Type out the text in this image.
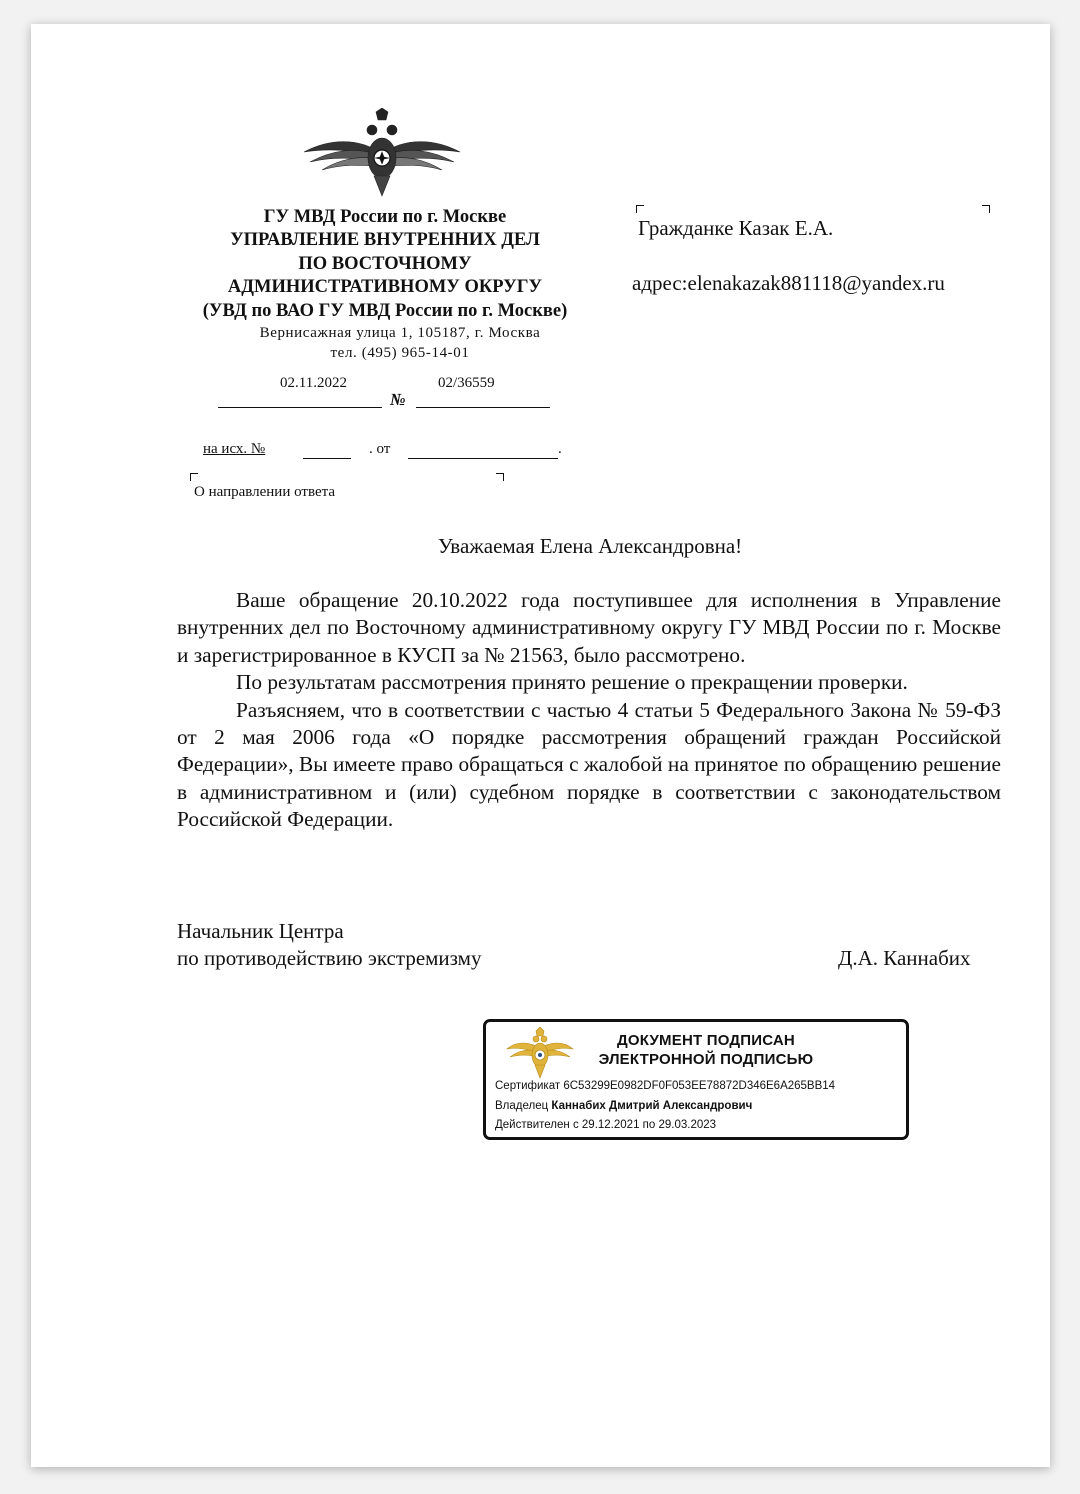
ГУ МВД России по г. Москве
УПРАВЛЕНИЕ ВНУТРЕННИХ ДЕЛ
ПО ВОСТОЧНОМУ
АДМИНИСТРАТИВНОМУ ОКРУГУ
(УВД по ВАО ГУ МВД России по г. Москве)
Вернисажная улица 1, 105187, г. Москва
тел. (495) 965-14-01
02.11.2022
№
02/36559
на исх. №	. от	.
О направлении ответа
Гражданке Казак Е.А.
адрес:elenakazak881118@yandex.ru
Уважаемая Елена Александровна!

Ваше обращение 20.10.2022 года поступившее для исполнения в Управление внутренних дел по Восточному административному округу ГУ МВД России по г. Москве и зарегистрированное в КУСП за № 21563, было рассмотрено.

По результатам рассмотрения принято решение о прекращении проверки.

Разъясняем, что в соответствии с частью 4 статьи 5 Федерального Закона № 59-ФЗ от 2 мая 2006 года «О порядке рассмотрения обращений граждан Российской Федерации», Вы имеете право обращаться с жалобой на принятое по обращению решение в административном и (или) судебном порядке в соответствии с законодательством Российской Федерации.

Начальник Центра
по противодействию экстремизму	Д.А. Каннабих
ДОКУМЕНТ ПОДПИСАН
ЭЛЕКТРОННОЙ ПОДПИСЬЮ
Сертификат 6C53299E0982DF0F053EE78872D346E6A265BB14
Владелец Каннабих Дмитрий Александрович
Действителен с 29.12.2021 по 29.03.2023
